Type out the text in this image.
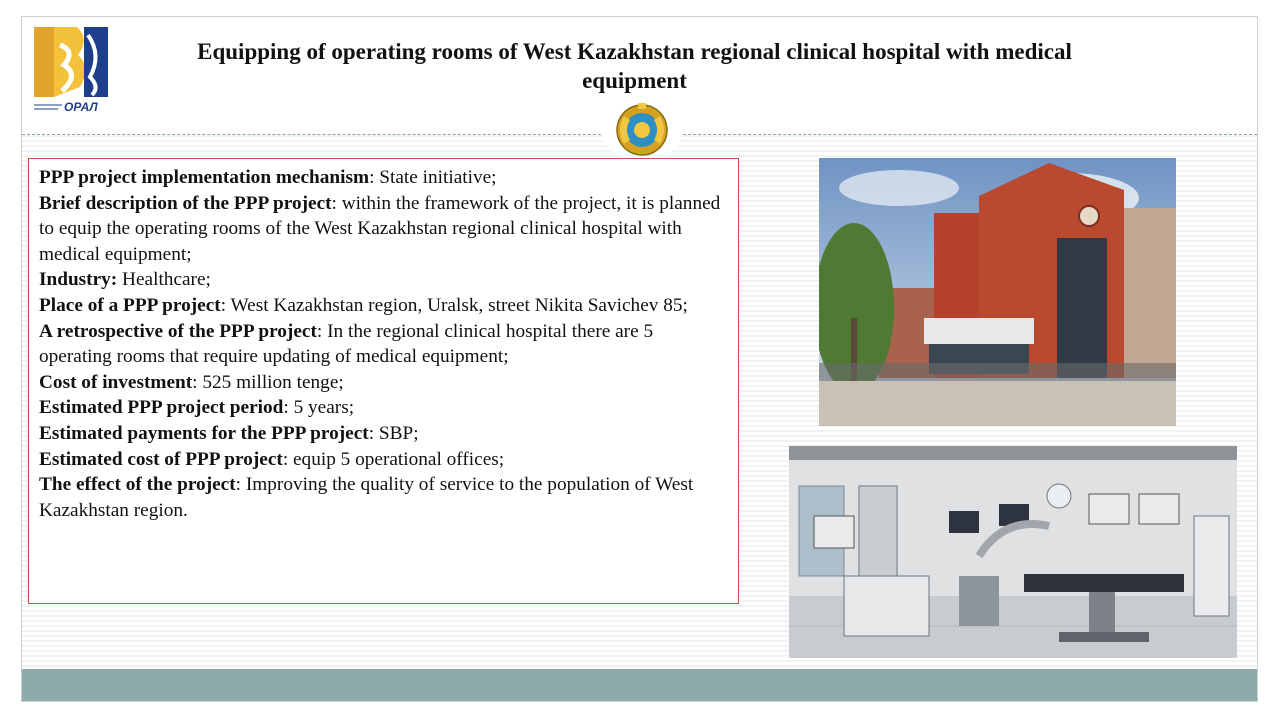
ОРАЛ
Equipping of operating rooms of West Kazakhstan regional clinical hospital with medical equipment

PPP project implementation mechanism: State initiative;

Brief description of the PPP project: within the framework of the project, it is planned to equip the operating rooms of the West Kazakhstan regional clinical hospital with medical equipment;

Industry: Healthcare;

Place of a PPP project: West Kazakhstan region, Uralsk, street Nikita Savichev 85;

A retrospective of the PPP project: In the regional clinical hospital there are 5 operating rooms that require updating of medical equipment;

Cost of investment: 525 million tenge;

Estimated PPP project period: 5 years;

Estimated payments for the PPP project: SBP;

Estimated cost of PPP project: equip 5 operational offices;

The effect of the project: Improving the quality of service to the population of West Kazakhstan region.
